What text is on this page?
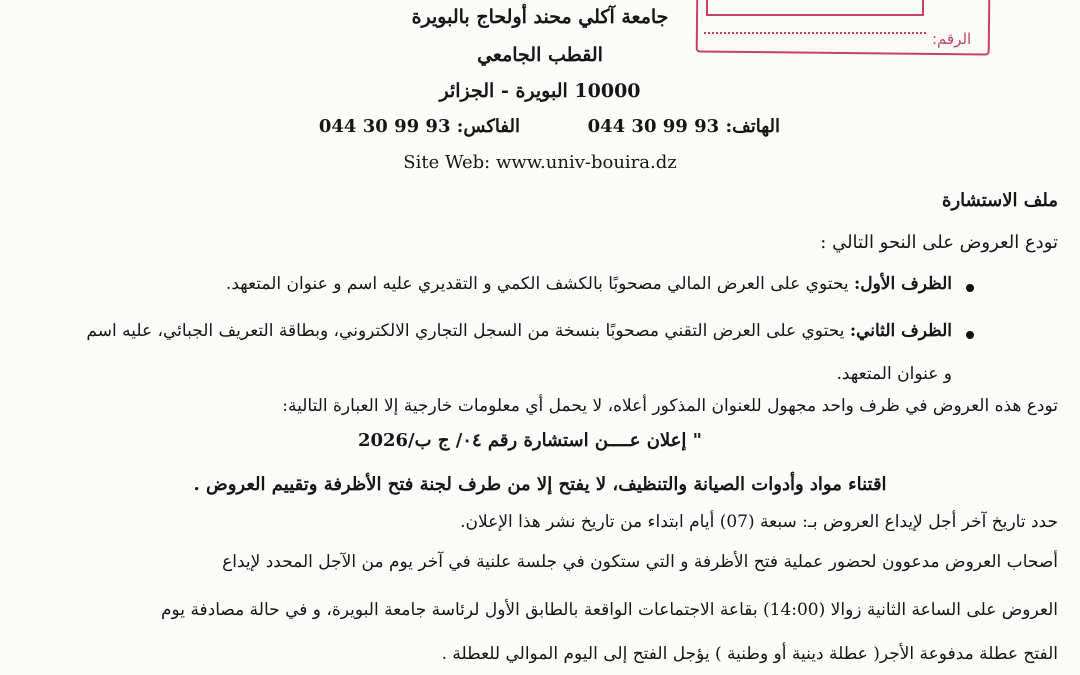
الرقم:
جامعة آكلي محند أولحاج بالبويرة
القطب الجامعي
10000 البويرة - الجزائر
الهاتف: 93 99 30 044
الفاكس: 93 99 30 044
Site Web: www.univ-bouira.dz
ملف الاستشارة
تودع العروض على النحو التالي :
الظرف الأول: يحتوي على العرض المالي مصحوبًا بالكشف الكمي و التقديري عليه اسم و عنوان المتعهد.
الظرف الثاني: يحتوي على العرض التقني مصحوبًا بنسخة من السجل التجاري الالكتروني، وبطاقة التعريف الجبائي، عليه اسم
و عنوان المتعهد.
تودع هذه العروض في ظرف واحد مجهول للعنوان المذكور أعلاه، لا يحمل أي معلومات خارجية إلا العبارة التالية:
" إعلان عــــن استشارة رقم ٠٤/ ج ب/2026
اقتناء مواد وأدوات الصيانة والتنظيف، لا يفتح إلا من طرف لجنة فتح الأظرفة وتقييم العروض .
حدد تاريخ آخر أجل لإيداع العروض بـ: سبعة (07) أيام ابتداء من تاريخ نشر هذا الإعلان.
أصحاب العروض مدعوون لحضور عملية فتح الأظرفة و التي ستكون في جلسة علنية في آخر يوم من الآجل المحدد لإيداع
العروض على الساعة الثانية زوالا (14:00) بقاعة الاجتماعات الواقعة بالطابق الأول لرئاسة جامعة البويرة، و في حالة مصادفة يوم
الفتح عطلة مدفوعة الأجر( عطلة دينية أو وطنية ) يؤجل الفتح إلى اليوم الموالي للعطلة .
